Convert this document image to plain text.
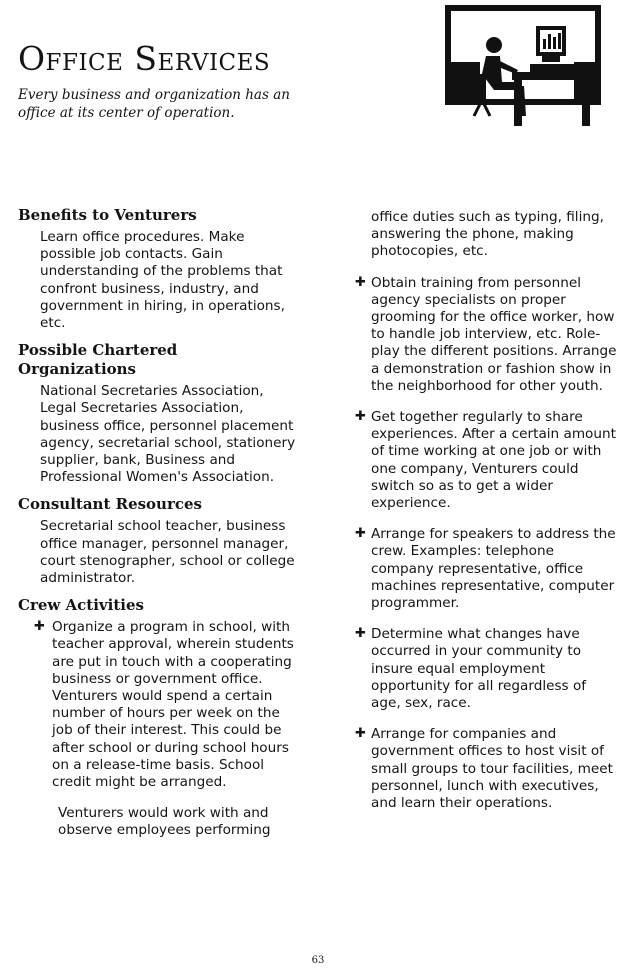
Office Services

Every business and organization has an office at its center of operation.

Benefits to Venturers

Learn office procedures. Make possible job contacts. Gain understanding of the problems that confront business, industry, and government in hiring, in operations, etc.

Possible Chartered Organizations

National Secretaries Association, Legal Secretaries Association, business office, personnel placement agency, secretarial school, stationery supplier, bank, Business and Professional Women's Association.

Consultant Resources

Secretarial school teacher, business office manager, personnel manager, court stenographer, school or college administrator.

Crew Activities
✚ Organize a program in school, with teacher approval, wherein students are put in touch with a cooperating business or government office. Venturers would spend a certain number of hours per week on the job of their interest. This could be after school or during school hours on a release-time basis. School credit might be arranged.

Venturers would work with and observe employees performing

office duties such as typing, filing, answering the phone, making photocopies, etc.

✚ Obtain training from personnel agency specialists on proper grooming for the office worker, how to handle job interview, etc. Role-play the different positions. Arrange a demonstration or fashion show in the neighborhood for other youth.
✚ Get together regularly to share experiences. After a certain amount of time working at one job or with one company, Venturers could switch so as to get a wider experience.
✚ Arrange for speakers to address the crew. Examples: telephone company representative, office machines representative, computer programmer.
✚ Determine what changes have occurred in your community to insure equal employment opportunity for all regardless of age, sex, race.
✚ Arrange for companies and government offices to host visit of small groups to tour facilities, meet personnel, lunch with executives, and learn their operations.
63
